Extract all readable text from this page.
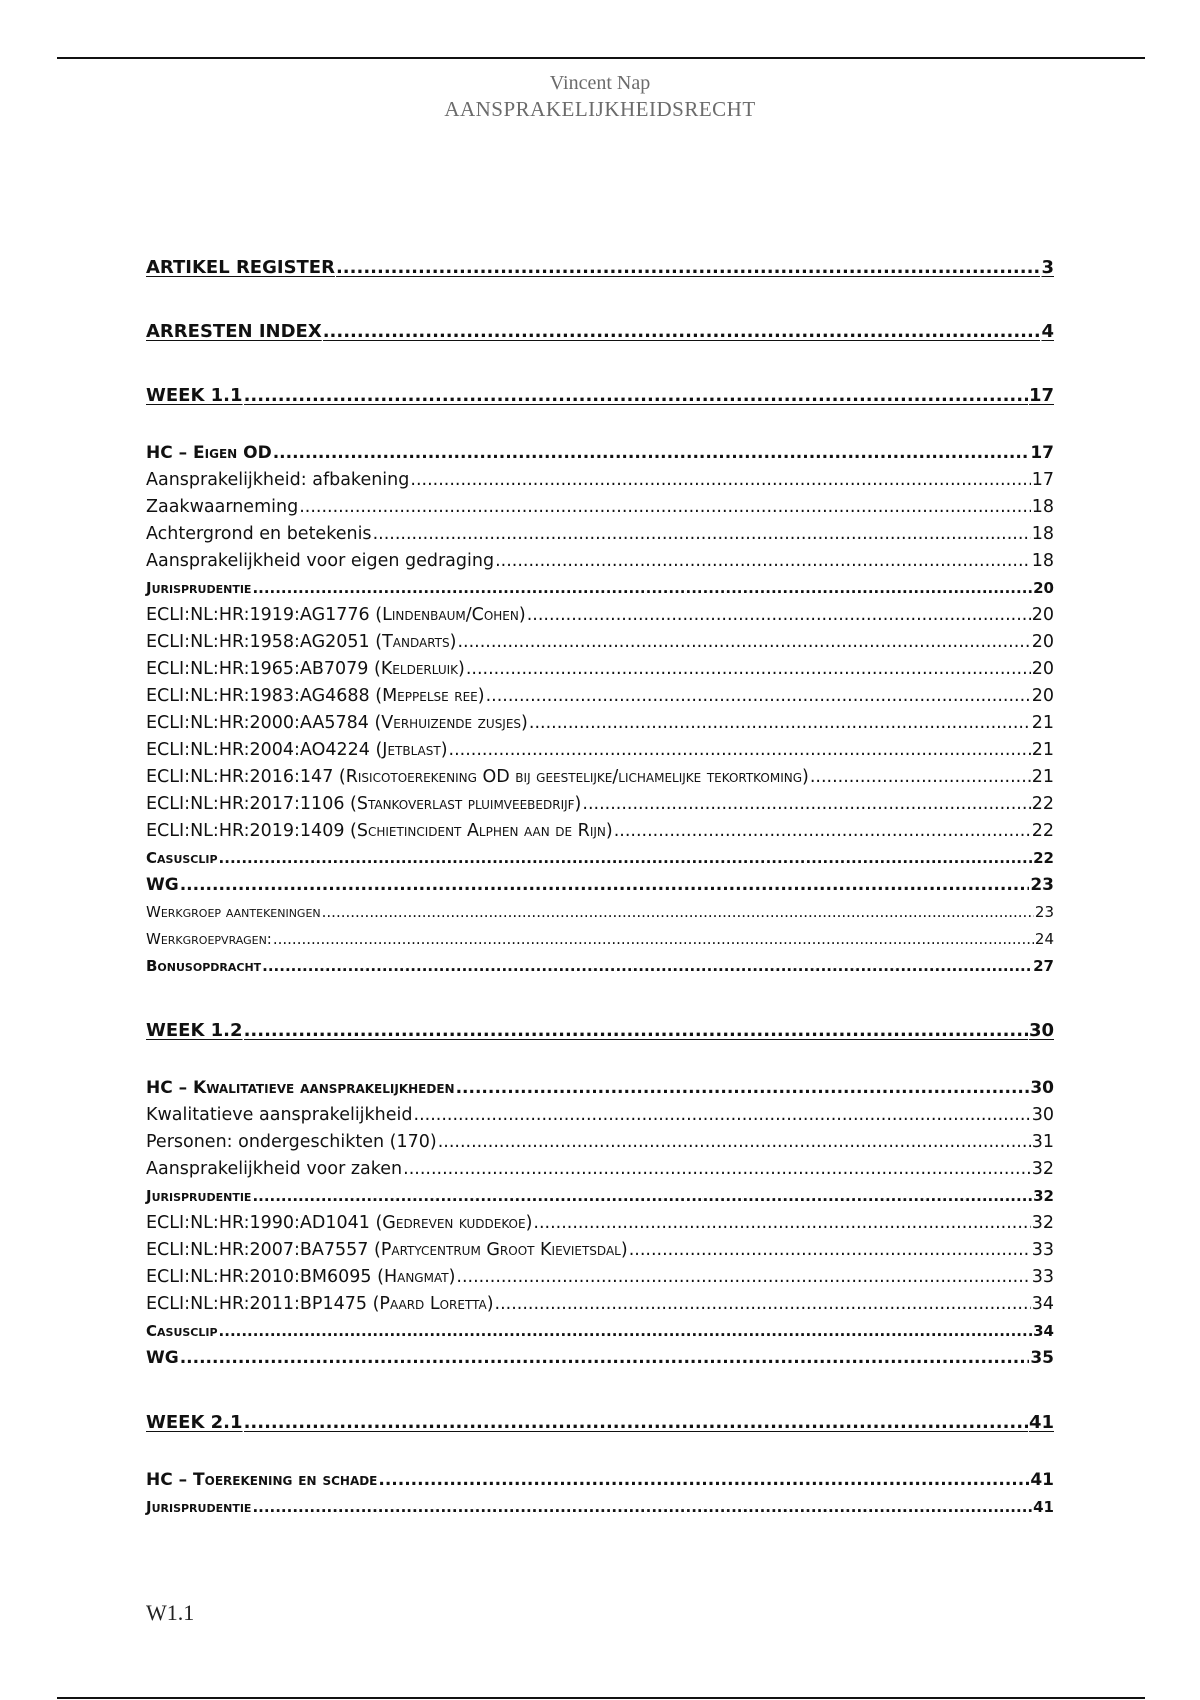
Vincent Nap
AANSPRAKELIJKHEIDSRECHT
ARTIKEL REGISTER .....	3
ARRESTEN INDEX .....	4
WEEK 1.1 .....	17
HC – Eigen OD .....	17
Aansprakelijkheid: afbakening .....	17
Zaakwaarneming .....	18
Achtergrond en betekenis .....	18
Aansprakelijkheid voor eigen gedraging .....	18
Jurisprudentie .....	20
ECLI:NL:HR:1919:AG1776 (Lindenbaum/Cohen) .....	20
ECLI:NL:HR:1958:AG2051 (Tandarts) .....	20
ECLI:NL:HR:1965:AB7079 (Kelderluik) .....	20
ECLI:NL:HR:1983:AG4688 (Meppelse ree) .....	20
ECLI:NL:HR:2000:AA5784 (Verhuizende zusjes) .....	21
ECLI:NL:HR:2004:AO4224 (Jetblast) .....	21
ECLI:NL:HR:2016:147 (Risicotoerekening OD bij geestelijke/lichamelijke tekortkoming) .....	21
ECLI:NL:HR:2017:1106 (Stankoverlast pluimveebedrijf) .....	22
ECLI:NL:HR:2019:1409 (Schietincident Alphen aan de Rijn) .....	22
Casusclip .....	22
WG .....	23
Werkgroep aantekeningen .....	23
Werkgroepvragen: .....	24
Bonusopdracht .....	27
WEEK 1.2 .....	30
HC – Kwalitatieve aansprakelijkheden .....	30
Kwalitatieve aansprakelijkheid .....	30
Personen: ondergeschikten (170) .....	31
Aansprakelijkheid voor zaken .....	32
Jurisprudentie .....	32
ECLI:NL:HR:1990:AD1041 (Gedreven kuddekoe) .....	32
ECLI:NL:HR:2007:BA7557 (Partycentrum Groot Kievietsdal) .....	33
ECLI:NL:HR:2010:BM6095 (Hangmat) .....	33
ECLI:NL:HR:2011:BP1475 (Paard Loretta) .....	34
Casusclip .....	34
WG .....	35
WEEK 2.1 .....	41
HC – Toerekening en schade .....	41
Jurisprudentie .....	41
W1.1
